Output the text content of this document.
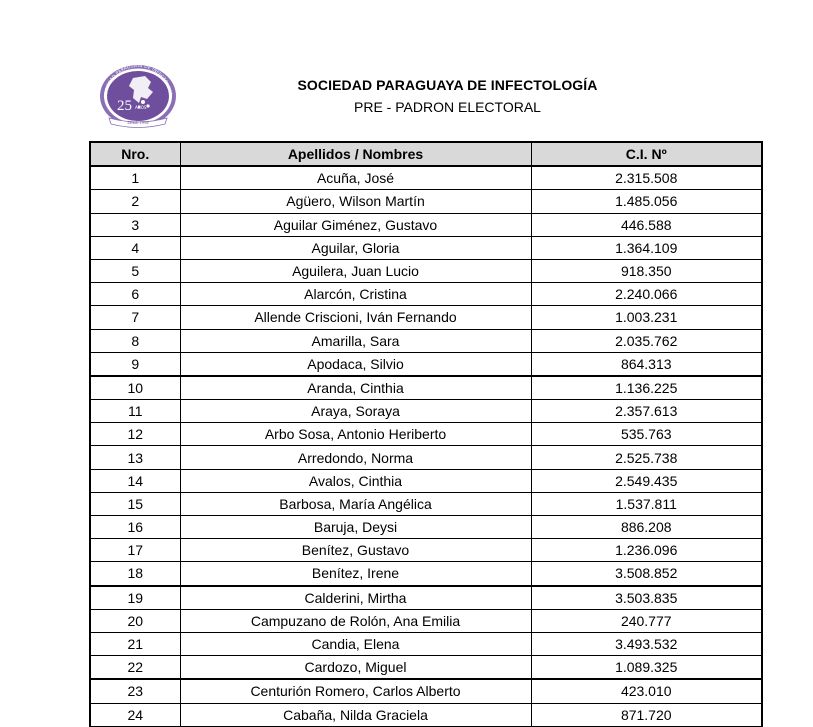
SOCIEDAD PARAGUAYA DE INFECTOLOGÍA
25 AÑOS
Desde 1994
SOCIEDAD PARAGUAYA DE INFECTOLOGÍA
PRE - PADRON ELECTORAL
Nro.	Apellidos / Nombres	C.I. Nº
1	Acuña, José	2.315.508
2	Agüero, Wilson Martín	1.485.056
3	Aguilar Giménez, Gustavo	446.588
4	Aguilar, Gloria	1.364.109
5	Aguilera, Juan Lucio	918.350
6	Alarcón, Cristina	2.240.066
7	Allende Criscioni, Iván Fernando	1.003.231
8	Amarilla, Sara	2.035.762
9	Apodaca, Silvio	864.313
10	Aranda, Cinthia	1.136.225
11	Araya, Soraya	2.357.613
12	Arbo Sosa, Antonio Heriberto	535.763
13	Arredondo, Norma	2.525.738
14	Avalos, Cinthia	2.549.435
15	Barbosa, María Angélica	1.537.811
16	Baruja, Deysi	886.208
17	Benítez, Gustavo	1.236.096
18	Benítez, Irene	3.508.852
19	Calderini, Mirtha	3.503.835
20	Campuzano de Rolón, Ana Emilia	240.777
21	Candia, Elena	3.493.532
22	Cardozo, Miguel	1.089.325
23	Centurión Romero, Carlos Alberto	423.010
24	Cabaña, Nilda Graciela	871.720
